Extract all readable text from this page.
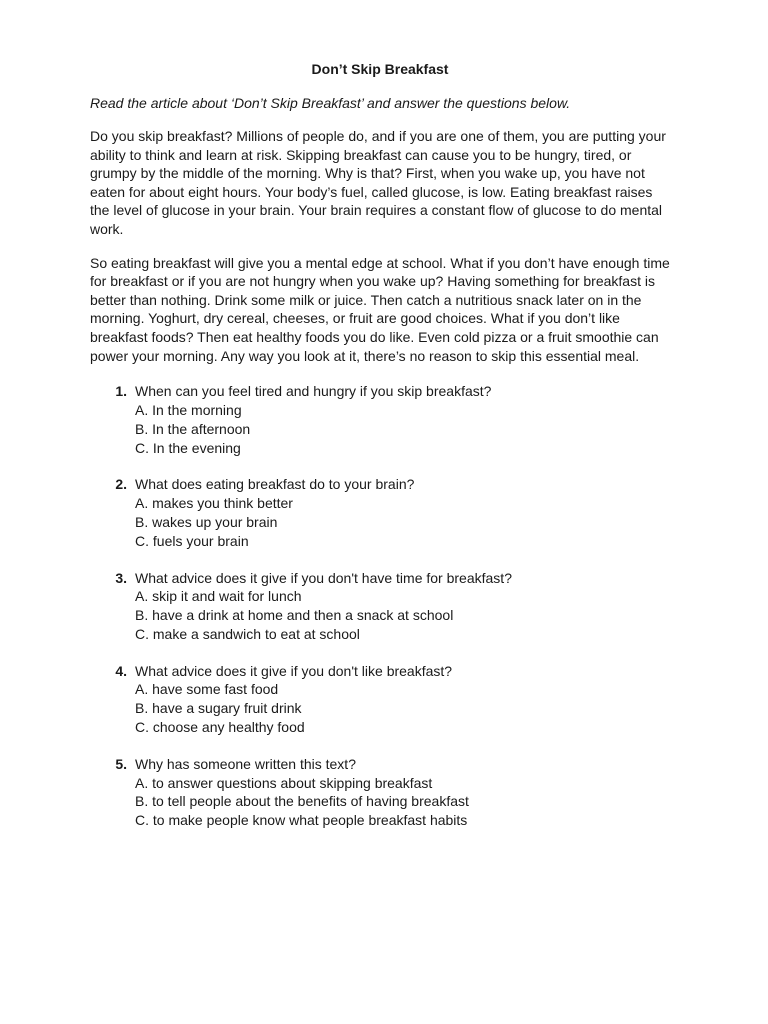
Don’t Skip Breakfast
Read the article about ‘Don’t Skip Breakfast’ and answer the questions below.

Do you skip breakfast? Millions of people do, and if you are one of them, you are putting your ability to think and learn at risk. Skipping breakfast can cause you to be hungry, tired, or grumpy by the middle of the morning. Why is that? First, when you wake up, you have not eaten for about eight hours. Your body’s fuel, called glucose, is low. Eating breakfast raises the level of glucose in your brain. Your brain requires a constant flow of glucose to do mental work.

So eating breakfast will give you a mental edge at school. What if you don’t have enough time for breakfast or if you are not hungry when you wake up? Having something for breakfast is better than nothing. Drink some milk or juice. Then catch a nutritious snack later on in the morning. Yoghurt, dry cereal, cheeses, or fruit are good choices. What if you don’t like breakfast foods? Then eat healthy foods you do like. Even cold pizza or a fruit smoothie can power your morning. Any way you look at it, there’s no reason to skip this essential meal.

1. When can you feel tired and hungry if you skip breakfast?
A. In the morning
B. In the afternoon
C. In the evening
2. What does eating breakfast do to your brain?
A. makes you think better
B. wakes up your brain
C. fuels your brain
3. What advice does it give if you don't have time for breakfast?
A. skip it and wait for lunch
B. have a drink at home and then a snack at school
C. make a sandwich to eat at school
4. What advice does it give if you don't like breakfast?
A. have some fast food
B. have a sugary fruit drink
C. choose any healthy food
5. Why has someone written this text?
A. to answer questions about skipping breakfast
B. to tell people about the benefits of having breakfast
C. to make people know what people breakfast habits
